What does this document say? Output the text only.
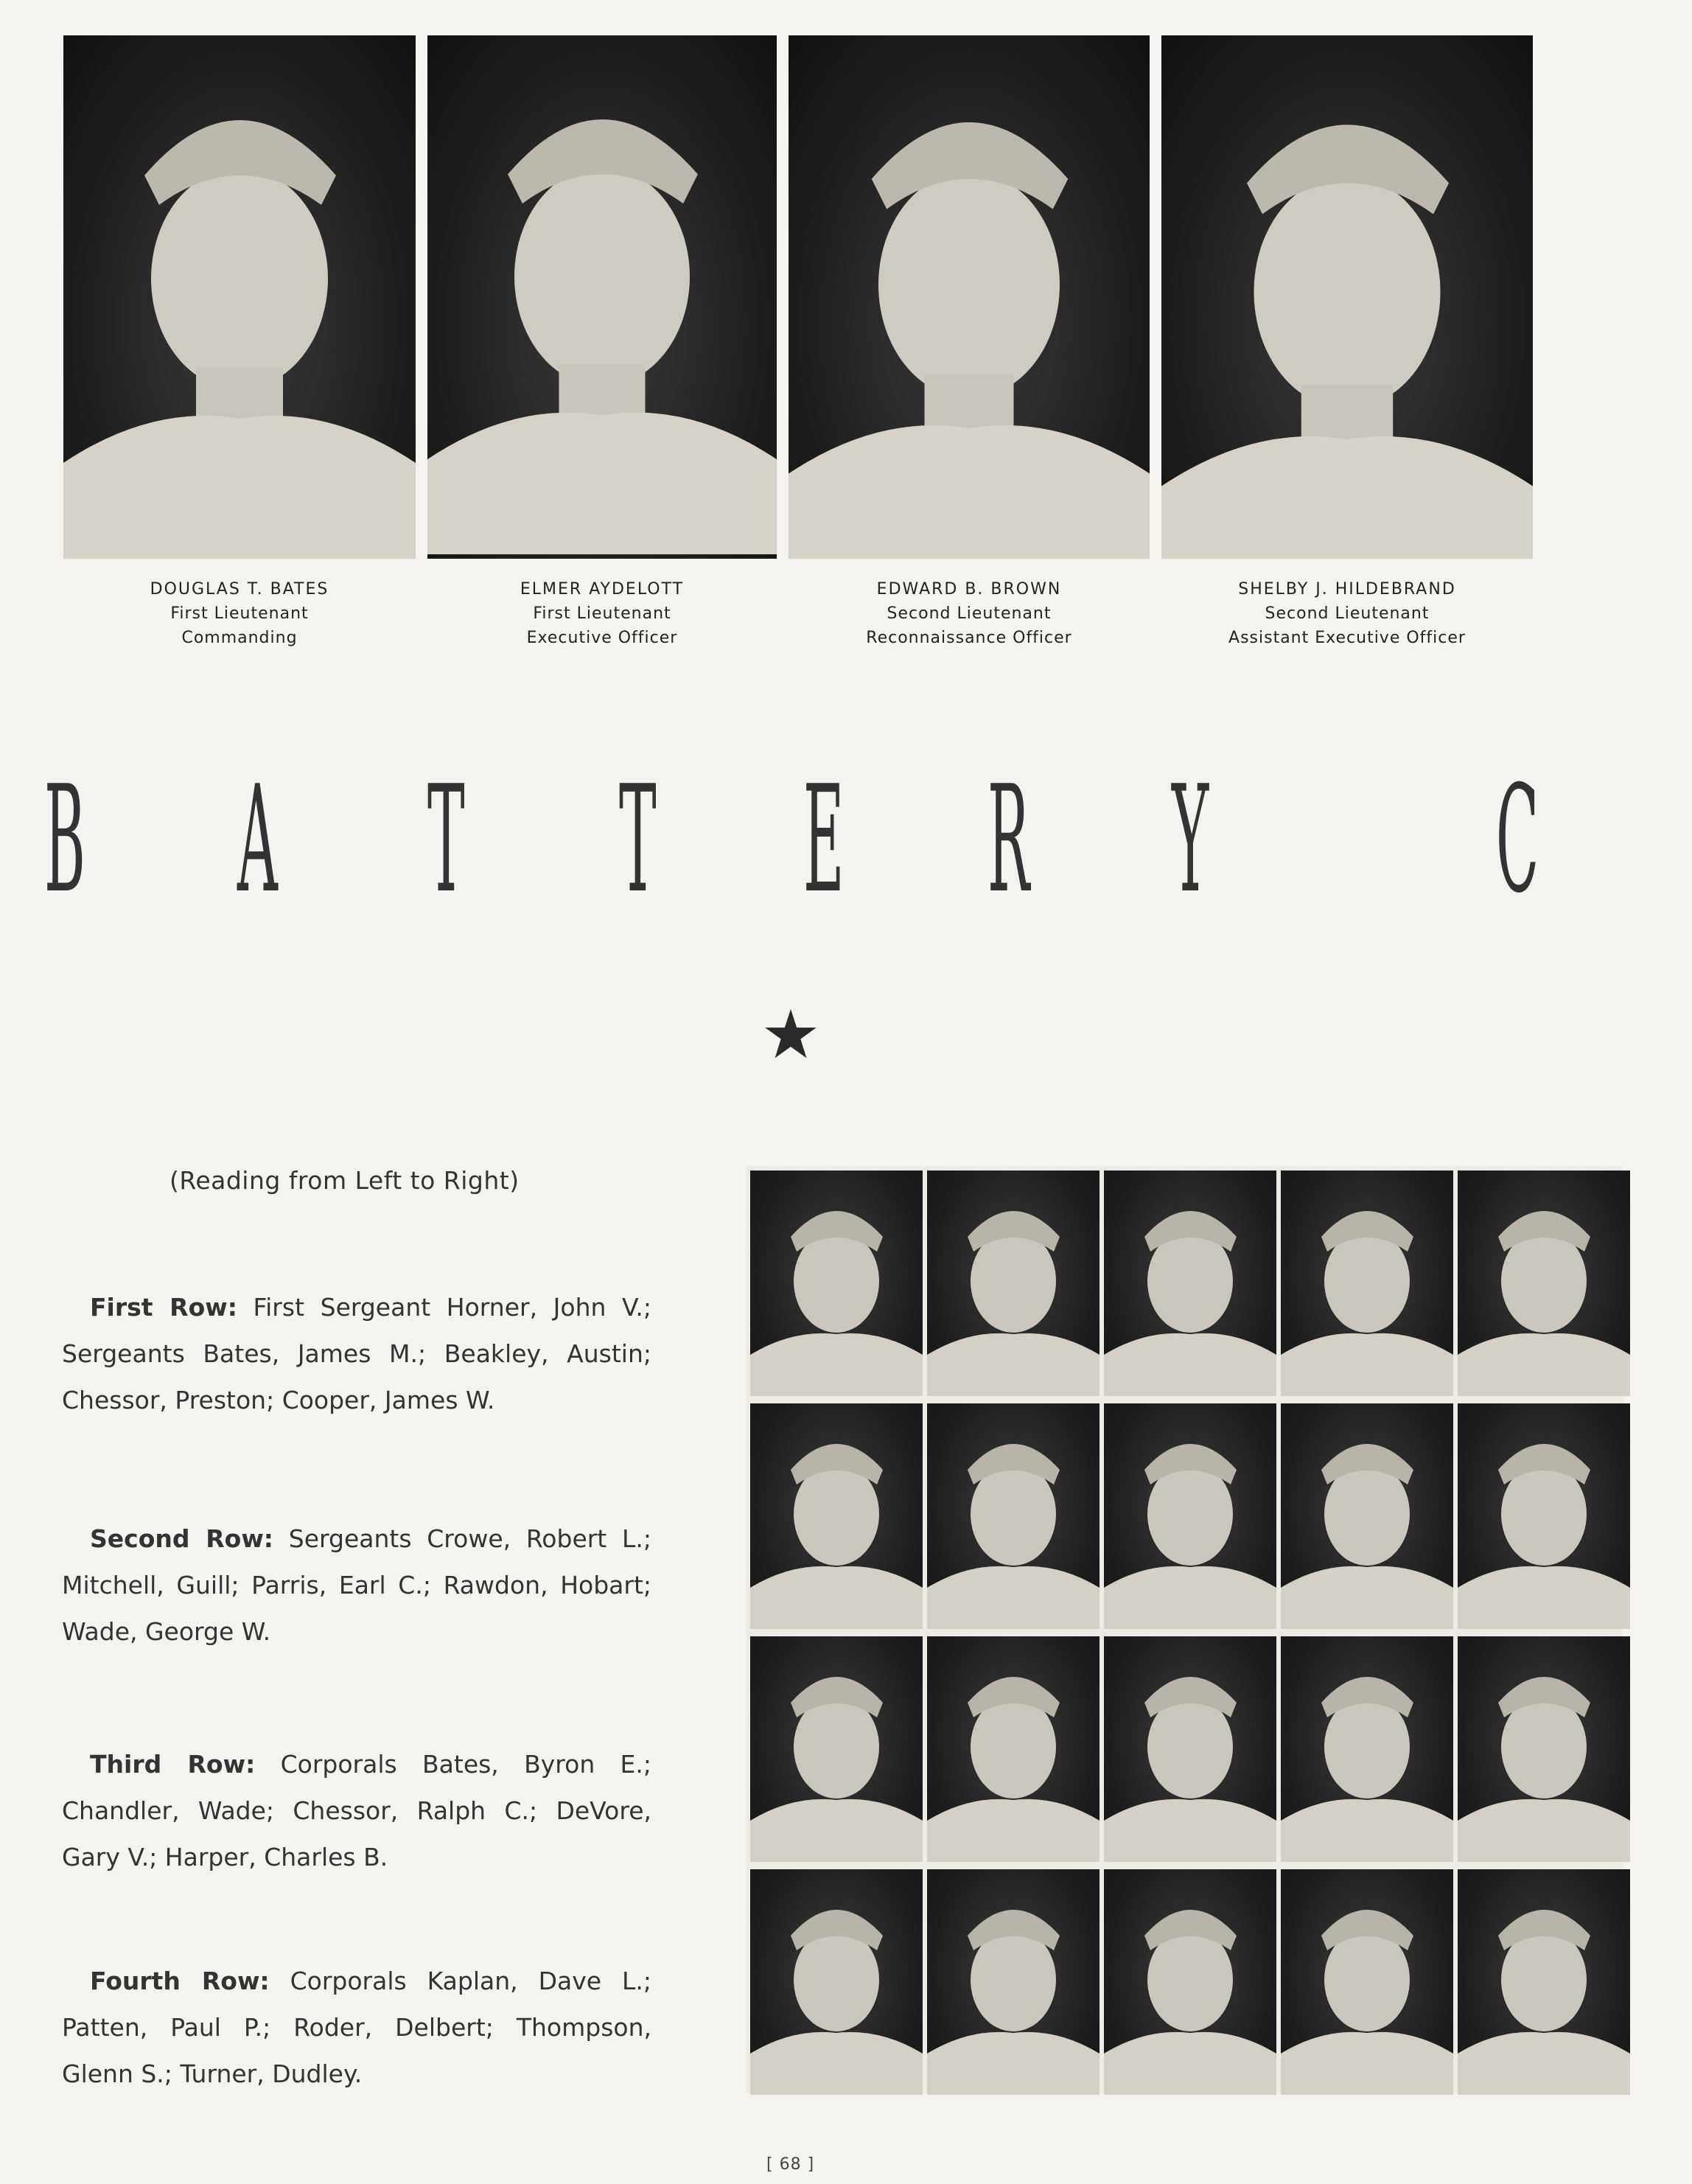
DOUGLAS T. BATES
First Lieutenant
Commanding
ELMER AYDELOTT
First Lieutenant
Executive Officer
EDWARD B. BROWN
Second Lieutenant
Reconnaissance Officer
SHELBY J. HILDEBRAND
Second Lieutenant
Assistant Executive Officer
B A T T E R Y C
(Reading from Left to Right)

First Row: First Sergeant Horner, John V.; Sergeants Bates, James M.; Beakley, Austin; Chessor, Preston; Cooper, James W.

Second Row: Sergeants Crowe, Robert L.; Mitchell, Guill; Parris, Earl C.; Rawdon, Hobart; Wade, George W.

Third Row: Corporals Bates, Byron E.; Chandler, Wade; Chessor, Ralph C.; DeVore, Gary V.; Harper, Charles B.

Fourth Row: Corporals Kaplan, Dave L.; Patten, Paul P.; Roder, Delbert; Thompson, Glenn S.; Turner, Dudley.

[ 68 ]
